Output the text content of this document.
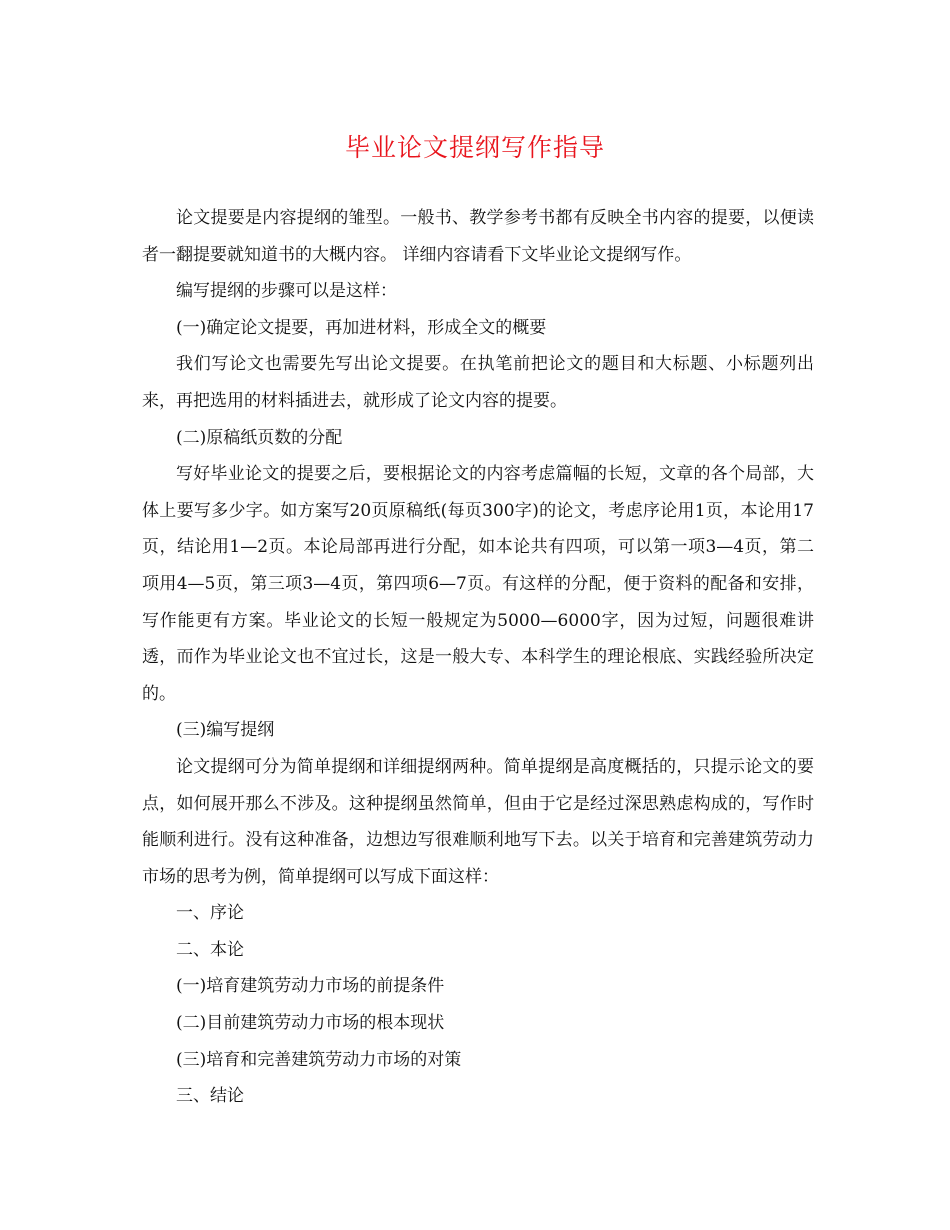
毕业论文提纲写作指导

论文提要是内容提纲的雏型。一般书、教学参考书都有反映全书内容的提要，以便读者一翻提要就知道书的大概内容。 详细内容请看下文毕业论文提纲写作。

编写提纲的步骤可以是这样：

(一)确定论文提要，再加进材料，形成全文的概要

我们写论文也需要先写出论文提要。在执笔前把论文的题目和大标题、小标题列出来，再把选用的材料插进去，就形成了论文内容的提要。

(二)原稿纸页数的分配

写好毕业论文的提要之后，要根据论文的内容考虑篇幅的长短，文章的各个局部，大体上要写多少字。如方案写20页原稿纸(每页300字)的论文，考虑序论用1页，本论用17页，结论用1—2页。本论局部再进行分配，如本论共有四项，可以第一项3—4页，第二项用4—5页，第三项3—4页，第四项6—7页。有这样的分配，便于资料的配备和安排，写作能更有方案。毕业论文的长短一般规定为5000—6000字，因为过短，问题很难讲透，而作为毕业论文也不宜过长，这是一般大专、本科学生的理论根底、实践经验所决定的。

(三)编写提纲

论文提纲可分为简单提纲和详细提纲两种。简单提纲是高度概括的，只提示论文的要点，如何展开那么不涉及。这种提纲虽然简单，但由于它是经过深思熟虑构成的，写作时能顺利进行。没有这种准备，边想边写很难顺利地写下去。以关于培育和完善建筑劳动力市场的思考为例，简单提纲可以写成下面这样：

一、序论

二、本论

(一)培育建筑劳动力市场的前提条件

(二)目前建筑劳动力市场的根本现状

(三)培育和完善建筑劳动力市场的对策

三、结论
